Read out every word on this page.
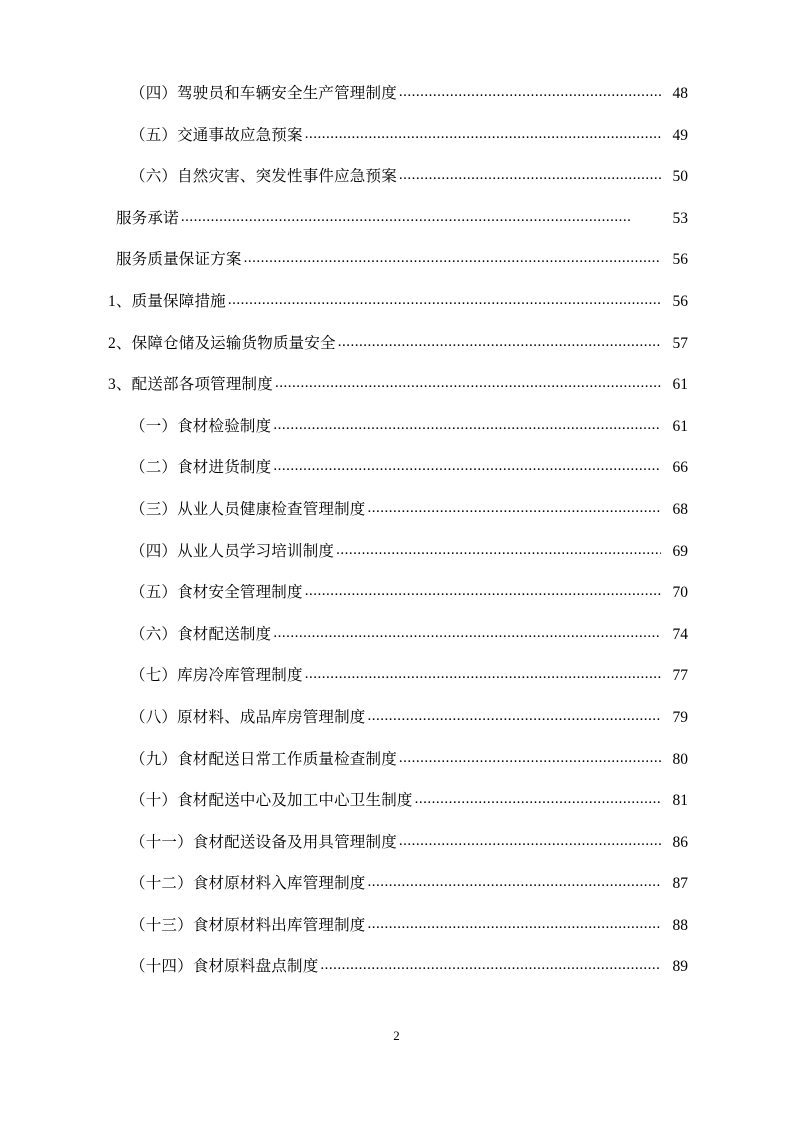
（四）驾驶员和车辆安全生产管理制度 .....	48
（五）交通事故应急预案 .....	49
（六）自然灾害、突发性事件应急预案 .....	50
服务承诺 .....	53
服务质量保证方案 .....	56
1、质量保障措施 .....	56
2、保障仓储及运输货物质量安全 .....	57
3、配送部各项管理制度 .....	61
（一）食材检验制度 .....	61
（二）食材进货制度 .....	66
（三）从业人员健康检查管理制度 .....	68
（四）从业人员学习培训制度 .....	69
（五）食材安全管理制度 .....	70
（六）食材配送制度 .....	74
（七）库房冷库管理制度 .....	77
（八）原材料、成品库房管理制度 .....	79
（九）食材配送日常工作质量检查制度 .....	80
（十）食材配送中心及加工中心卫生制度 .....	81
（十一）食材配送设备及用具管理制度 .....	86
（十二）食材原材料入库管理制度 .....	87
（十三）食材原材料出库管理制度 .....	88
（十四）食材原料盘点制度 .....	89
2
